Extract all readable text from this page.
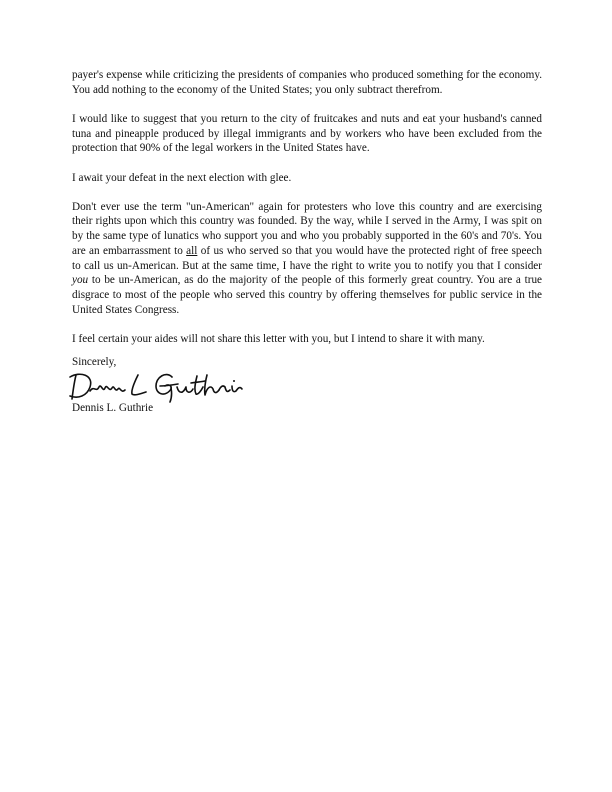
payer's expense while criticizing the presidents of companies who produced something for the economy. You add nothing to the economy of the United States; you only subtract therefrom.

I would like to suggest that you return to the city of fruitcakes and nuts and eat your husband's canned tuna and pineapple produced by illegal immigrants and by workers who have been excluded from the protection that 90% of the legal workers in the United States have.

I await your defeat in the next election with glee.

Don't ever use the term "un-American" again for protesters who love this country and are exercising their rights upon which this country was founded. By the way, while I served in the Army, I was spit on by the same type of lunatics who support you and who you probably supported in the 60's and 70's. You are an embarrassment to all of us who served so that you would have the protected right of free speech to call us un-American. But at the same time, I have the right to write you to notify you that I consider you to be un-American, as do the majority of the people of this formerly great country. You are a true disgrace to most of the people who served this country by offering themselves for public service in the United States Congress.

I feel certain your aides will not share this letter with you, but I intend to share it with many.

Sincerely,

Dennis L. Guthrie
